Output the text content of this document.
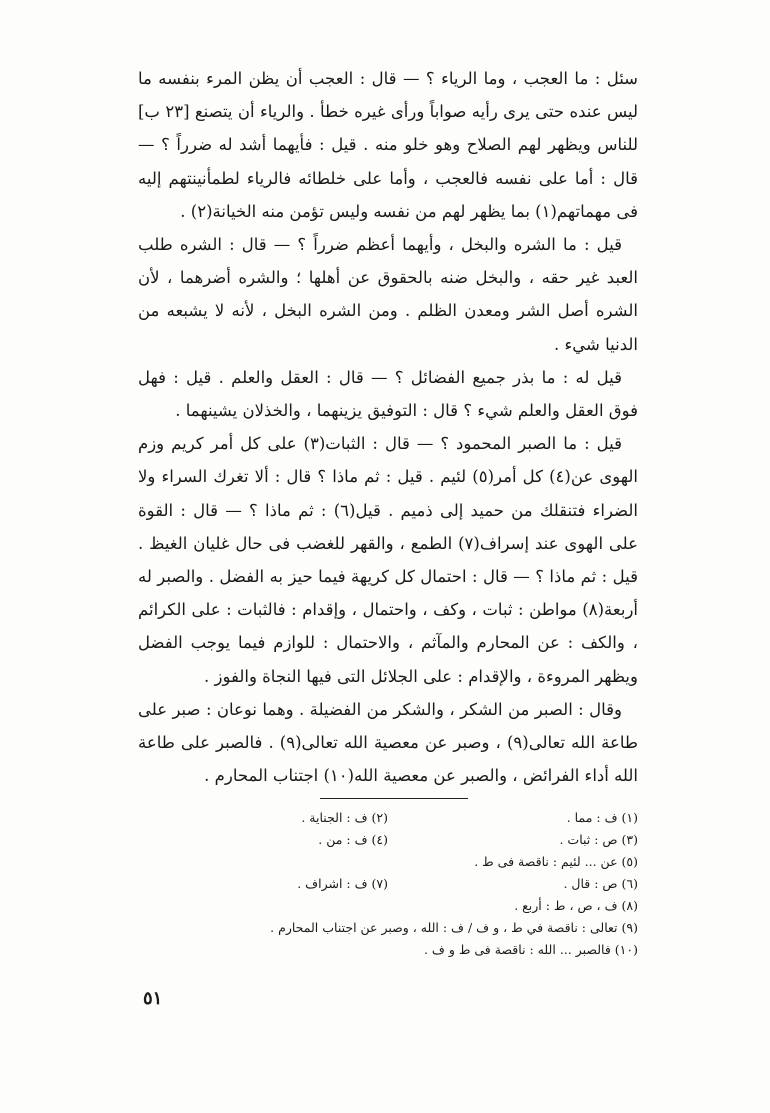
سئل : ما العجب ، وما الرياء ؟ — قال : العجب أن يظن المرء بنفسه ما ليس عنده حتى يرى رأيه صواباً ورأى غيره خطأ . والرياء أن يتصنع [٢٣ ب] للناس ويظهر لهم الصلاح وهو خلو منه . قيل : فأيهما أشد له ضرراً ؟ — قال : أما على نفسه فالعجب ، وأما على خلطائه فالرياء لطمأنينتهم إليه فى مهماتهم(١) بما يظهر لهم من نفسه وليس تؤمن منه الخيانة(٢) .

قيل : ما الشره والبخل ، وأيهما أعظم ضرراً ؟ — قال : الشره طلب العبد غير حقه ، والبخل ضنه بالحقوق عن أهلها ؛ والشره أضرهما ، لأن الشره أصل الشر ومعدن الظلم . ومن الشره البخل ، لأنه لا يشبعه من الدنيا شيء .

قيل له : ما بذر جميع الفضائل ؟ — قال : العقل والعلم . قيل : فهل فوق العقل والعلم شيء ؟ قال : التوفيق يزينهما ، والخذلان يشينهما .

قيل : ما الصبر المحمود ؟ — قال : الثبات(٣) على كل أمر كريم وزم الهوى عن(٤) كل أمر(٥) لئيم . قيل : ثم ماذا ؟ قال : ألا تغرك السراء ولا الضراء فتنقلك من حميد إلى ذميم . قيل(٦) : ثم ماذا ؟ — قال : القوة على الهوى عند إسراف(٧) الطمع ، والقهر للغضب فى حال غليان الغيظ . قيل : ثم ماذا ؟ — قال : احتمال كل كريهة فيما حيز به الفضل . والصبر له أربعة(٨) مواطن : ثبات ، وكف ، واحتمال ، وإقدام : فالثبات : على الكرائم ، والكف : عن المحارم والمآثم ، والاحتمال : للوازم فيما يوجب الفضل ويظهر المروءة ، والإقدام : على الجلائل التى فيها النجاة والفوز .

وقال : الصبر من الشكر ، والشكر من الفضيلة . وهما نوعان : صبر على طاعة الله تعالى(٩) ، وصبر عن معصية الله تعالى(٩) . فالصبر على طاعة الله أداء الفرائض ، والصبر عن معصية الله(١٠) اجتناب المحارم .

(١) ف : مما .
(٢) ف : الجناية .
(٣) ص : ثبات .
(٤) ف : من .
(٥) عن ... لئيم : ناقصة فى ط .
(٦) ص : قال .
(٧) ف : اشراف .
(٨) ف ، ص ، ط : أربع .
(٩) تعالى : ناقصة في ط ، و ف / ف : الله ، وصبر عن اجتناب المحارم .
(١٠) فالصبر ... الله : ناقصة فى ط و ف .
٥١
